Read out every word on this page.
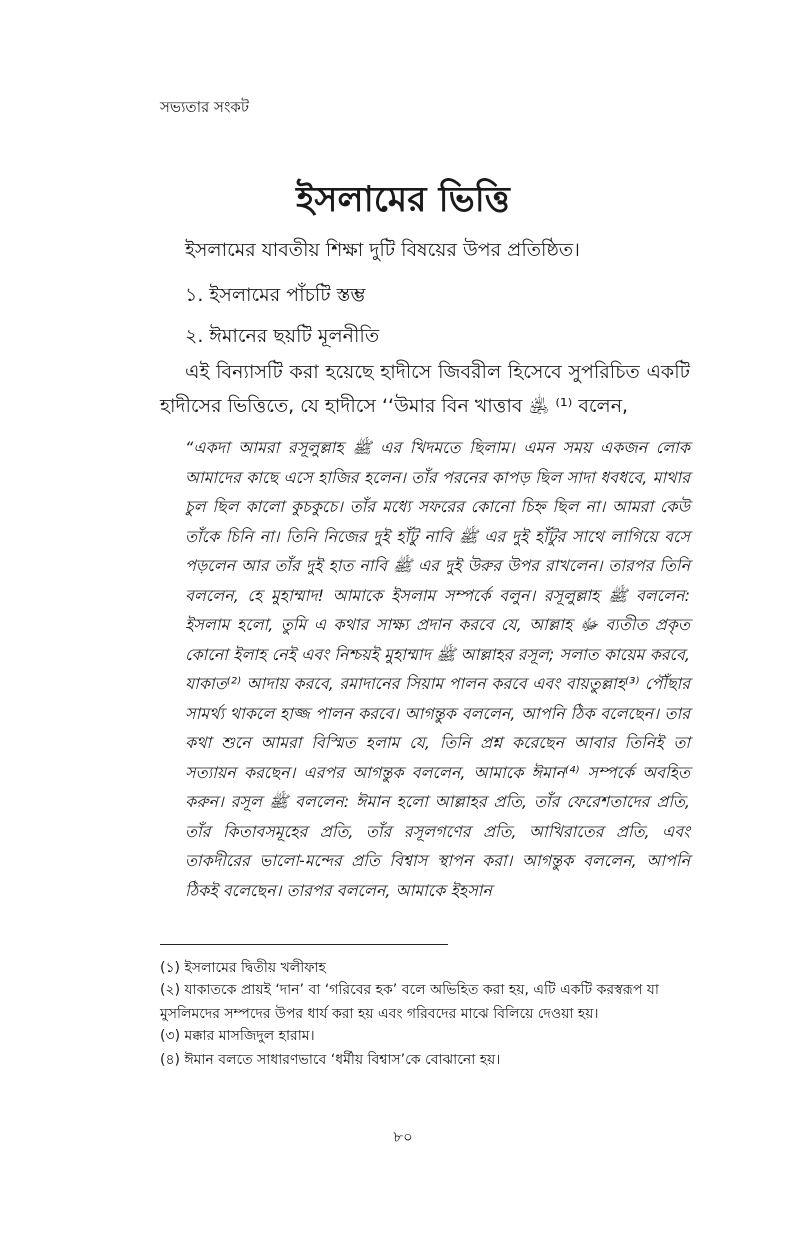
সভ্যতার সংকট
ইসলামের ভিত্তি
ইসলামের যাবতীয় শিক্ষা দুটি বিষয়ের উপর প্রতিষ্ঠিত।
১. ইসলামের পাঁচটি স্তম্ভ
২. ঈমানের ছয়টি মূলনীতি

এই বিন্যাসটি করা হয়েছে হাদীসে জিবরীল হিসেবে সুপরিচিত একটি হাদীসের ভিত্তিতে, যে হাদীসে ‘‘উমার বিন খাত্তাব ﵁ ⁽¹⁾ বলেন,

“একদা আমরা রসূলুল্লাহ ﷺ এর খিদমতে ছিলাম। এমন সময় একজন লোক আমাদের কাছে এসে হাজির হলেন। তাঁর পরনের কাপড় ছিল সাদা ধবধবে, মাথার চুল ছিল কালো কুচকুচে। তাঁর মধ্যে সফরের কোনো চিহ্ন ছিল না। আমরা কেউ তাঁকে চিনি না। তিনি নিজের দুই হাঁটু নাবি ﷺ এর দুই হাঁটুর সাথে লাগিয়ে বসে পড়লেন আর তাঁর দুই হাত নাবি ﷺ এর দুই উরুর উপর রাখলেন। তারপর তিনি বললেন, হে মুহাম্মাদ! আমাকে ইসলাম সম্পর্কে বলুন। রসূলুল্লাহ ﷺ বললেন: ইসলাম হলো, তুমি এ কথার সাক্ষ্য প্রদান করবে যে, আল্লাহ ﷻ ব্যতীত প্রকৃত কোনো ইলাহ নেই এবং নিশ্চয়ই মুহাম্মাদ ﷺ আল্লাহর রসূল; সলাত কায়েম করবে, যাকাত⁽²⁾ আদায় করবে, রমাদানের সিয়াম পালন করবে এবং বায়তুল্লাহ⁽³⁾ পৌঁছার সামর্থ্য থাকলে হাজ্জ পালন করবে। আগন্তুক বললেন, আপনি ঠিক বলেছেন। তার কথা শুনে আমরা বিস্মিত হলাম যে, তিনি প্রশ্ন করেছেন আবার তিনিই তা সত্যায়ন করছেন। এরপর আগন্তুক বললেন, আমাকে ঈমান⁽⁴⁾ সম্পর্কে অবহিত করুন। রসূল ﷺ বললেন: ঈমান হলো আল্লাহর প্রতি, তাঁর ফেরেশতাদের প্রতি, তাঁর কিতাবসমূহের প্রতি, তাঁর রসূলগণের প্রতি, আখিরাতের প্রতি, এবং তাকদীরের ভালো-মন্দের প্রতি বিশ্বাস স্থাপন করা। আগন্তুক বললেন, আপনি ঠিকই বলেছেন। তারপর বললেন, আমাকে ইহসান

(১) ইসলামের দ্বিতীয় খলীফাহ

(২) যাকাতকে প্রায়ই ‘দান’ বা ‘গরিবের হক’ বলে অভিহিত করা হয়, এটি একটি করস্বরূপ যা মুসলিমদের সম্পদের উপর ধার্য করা হয় এবং গরিবদের মাঝে বিলিয়ে দেওয়া হয়।

(৩) মক্কার মাসজিদুল হারাম।

(৪) ঈমান বলতে সাধারণভাবে ‘ধর্মীয় বিশ্বাস’কে বোঝানো হয়।

৮০
